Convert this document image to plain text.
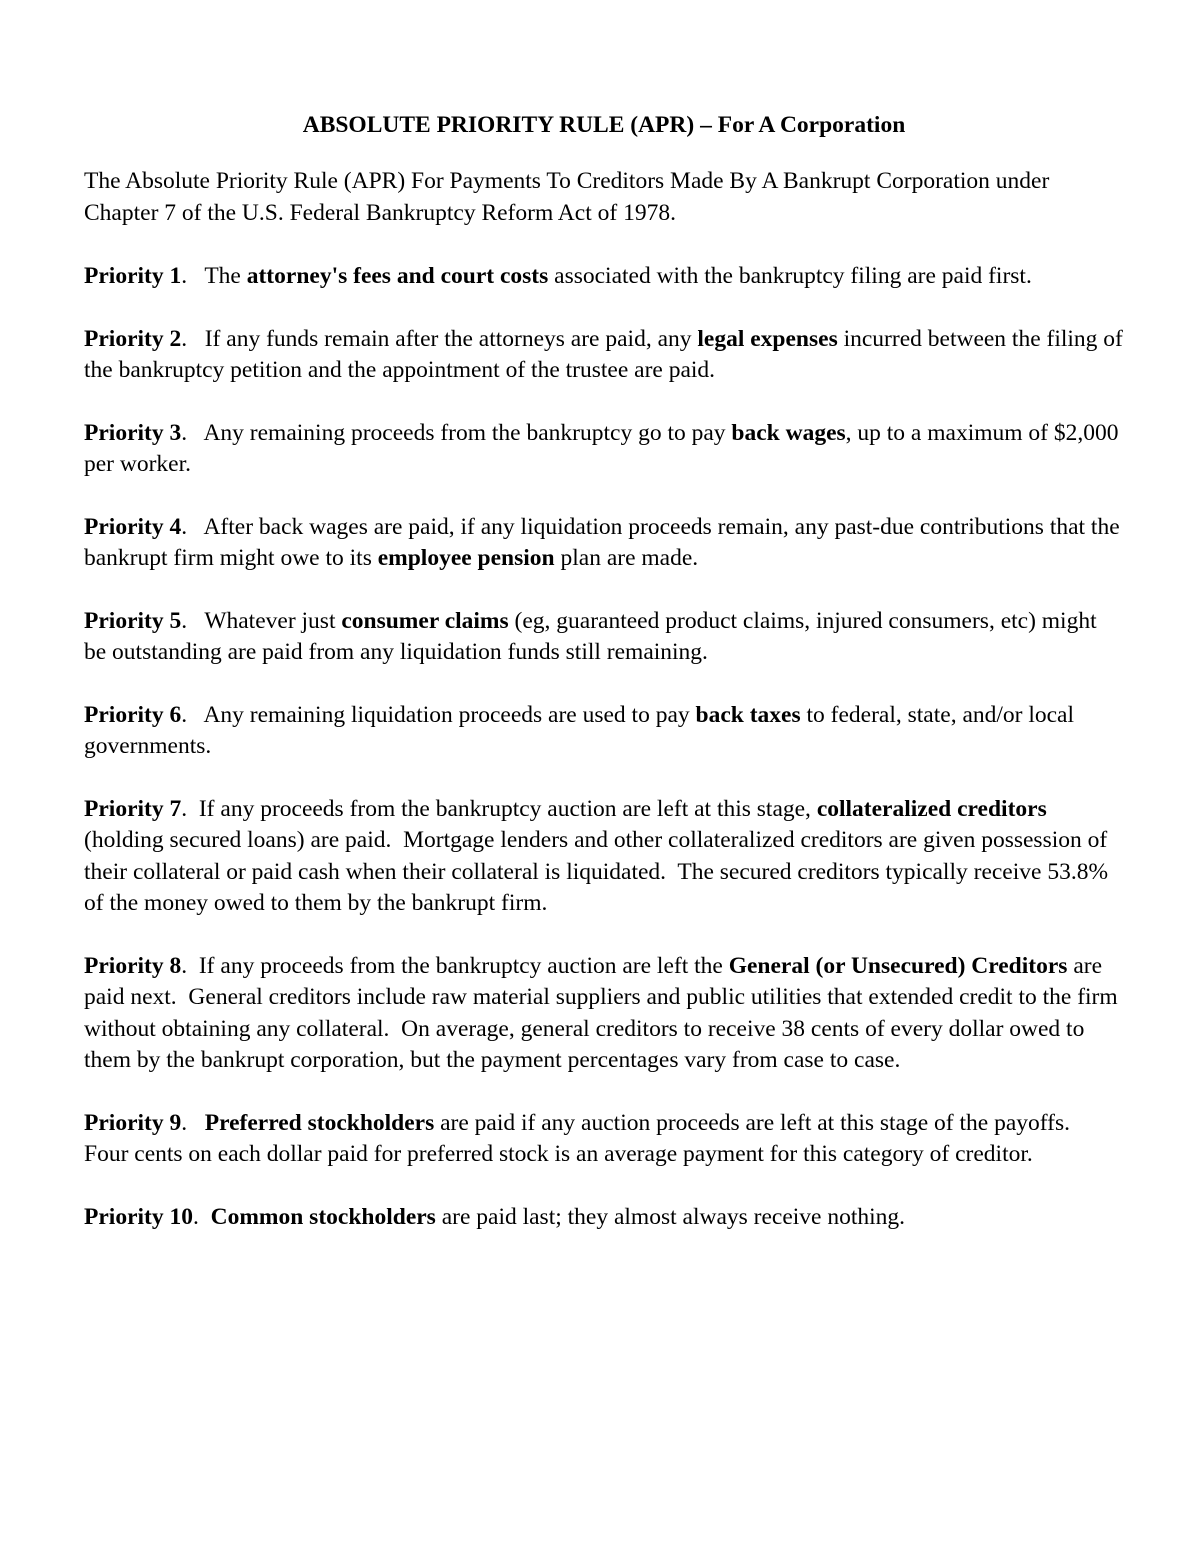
ABSOLUTE PRIORITY RULE (APR) – For A Corporation
The Absolute Priority Rule (APR) For Payments To Creditors Made By A Bankrupt Corporation under Chapter 7 of the U.S. Federal Bankruptcy Reform Act of 1978.
Priority 1.   The attorney's fees and court costs associated with the bankruptcy filing are paid first.
Priority 2.   If any funds remain after the attorneys are paid, any legal expenses incurred between the filing of the bankruptcy petition and the appointment of the trustee are paid.
Priority 3.   Any remaining proceeds from the bankruptcy go to pay back wages, up to a maximum of $2,000 per worker.
Priority 4.   After back wages are paid, if any liquidation proceeds remain, any past-due contributions that the bankrupt firm might owe to its employee pension plan are made.
Priority 5.   Whatever just consumer claims (eg, guaranteed product claims, injured consumers, etc) might be outstanding are paid from any liquidation funds still remaining.
Priority 6.   Any remaining liquidation proceeds are used to pay back taxes to federal, state, and/or local governments.
Priority 7.  If any proceeds from the bankruptcy auction are left at this stage, collateralized creditors (holding secured loans) are paid.  Mortgage lenders and other collateralized creditors are given possession of their collateral or paid cash when their collateral is liquidated.  The secured creditors typically receive 53.8% of the money owed to them by the bankrupt firm.
Priority 8.  If any proceeds from the bankruptcy auction are left the General (or Unsecured) Creditors are paid next.  General creditors include raw material suppliers and public utilities that extended credit to the firm without obtaining any collateral.  On average, general creditors to receive 38 cents of every dollar owed to them by the bankrupt corporation, but the payment percentages vary from case to case.
Priority 9.   Preferred stockholders are paid if any auction proceeds are left at this stage of the payoffs.  Four cents on each dollar paid for preferred stock is an average payment for this category of creditor.
Priority 10.  Common stockholders are paid last; they almost always receive nothing.
